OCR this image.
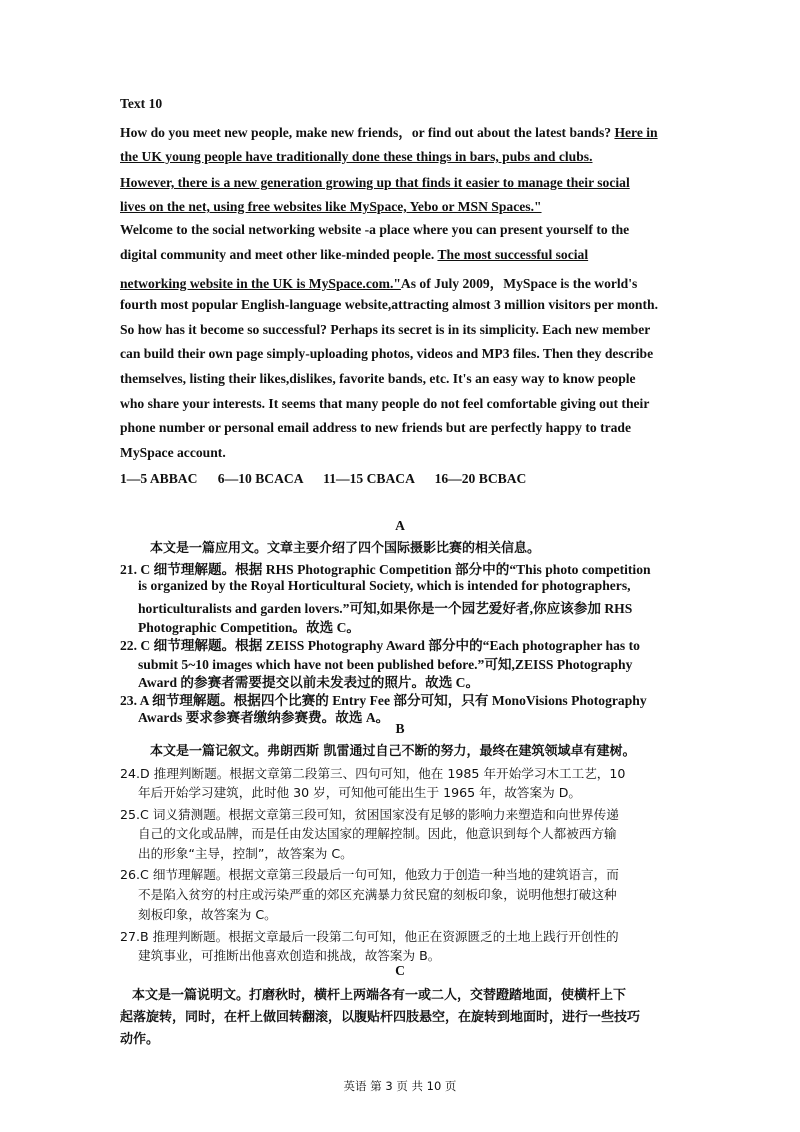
Text 10
How do you meet new people, make new friends，or find out about the latest bands? Here in
the UK young people have traditionally done these things in bars, pubs and clubs.
However, there is a new generation growing up that finds it easier to manage their social
lives on the net, using free websites like MySpace, Yebo or MSN Spaces."
Welcome to the social networking website -a place where you can present yourself to the
digital community and meet other like-minded people. The most successful social
networking website in the UK is MySpace.com."As of July 2009，MySpace is the world's
fourth most popular English-language website,attracting almost 3 million visitors per month.
So how has it become so successful? Perhaps its secret is in its simplicity. Each new member
can build their own page simply-uploading photos, videos and MP3 files. Then they describe
themselves, listing their likes,dislikes, favorite bands, etc. It's an easy way to know people
who share your interests. It seems that many people do not feel comfortable giving out their
phone number or personal email address to new friends but are perfectly happy to trade
MySpace account.
1—5 ABBAC      6—10 BCACA      11—15 CBACA      16—20 BCBAC
A
本文是一篇应用文。文章主要介绍了四个国际摄影比赛的相关信息。
21. C 细节理解题。根据 RHS Photographic Competition 部分中的“This photo competition
is organized by the Royal Horticultural Society, which is intended for photographers,
horticulturalists and garden lovers.”可知,如果你是一个园艺爱好者,你应该参加 RHS
Photographic Competition。故选 C。
22. C 细节理解题。根据 ZEISS Photography Award 部分中的“Each photographer has to
submit 5~10 images which have not been published before.”可知,ZEISS Photography
Award 的参赛者需要提交以前未发表过的照片。故选 C。
23. A 细节理解题。根据四个比赛的 Entry Fee 部分可知，只有 MonoVisions Photography
Awards 要求参赛者缴纳参赛费。故选 A。
B
本文是一篇记叙文。弗朗西斯 凯雷通过自己不断的努力，最终在建筑领域卓有建树。
24.D 推理判断题。根据文章第二段第三、四句可知，他在 1985 年开始学习木工工艺，10
年后开始学习建筑，此时他 30 岁，可知他可能出生于 1965 年，故答案为 D。
25.C 词义猜测题。根据文章第三段可知，贫困国家没有足够的影响力来塑造和向世界传递
自己的文化或品牌，而是任由发达国家的理解控制。因此，他意识到每个人都被西方输
出的形象“主导，控制”，故答案为 C。
26.C 细节理解题。根据文章第三段最后一句可知，他致力于创造一种当地的建筑语言，而
不是陷入贫穷的村庄或污染严重的郊区充满暴力贫民窟的刻板印象，说明他想打破这种
刻板印象，故答案为 C。
27.B 推理判断题。根据文章最后一段第二句可知，他正在资源匮乏的土地上践行开创性的
建筑事业，可推断出他喜欢创造和挑战，故答案为 B。
C
本文是一篇说明文。打磨秋时，横杆上两端各有一或二人，交替蹬踏地面，使横杆上下
起落旋转，同时，在杆上做回转翻滚，以腹贴杆四肢悬空，在旋转到地面时，进行一些技巧
动作。
英语 第 3 页 共 10 页
